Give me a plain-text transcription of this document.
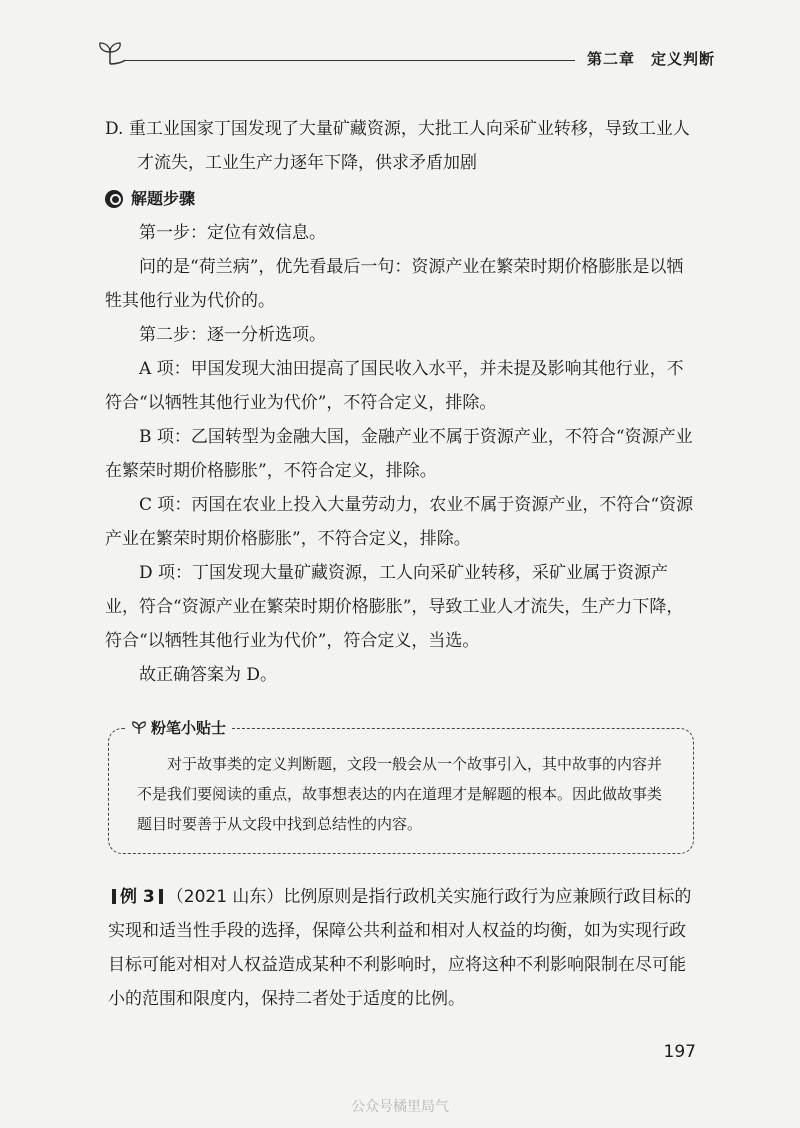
第二章　定义判断

D. 重工业国家丁国发现了大量矿藏资源，大批工人向采矿业转移，导致工业人才流失，工业生产力逐年下降，供求矛盾加剧

解题步骤

第一步：定位有效信息。

问的是“荷兰病”，优先看最后一句：资源产业在繁荣时期价格膨胀是以牺牲其他行业为代价的。

第二步：逐一分析选项。

A 项：甲国发现大油田提高了国民收入水平，并未提及影响其他行业，不符合“以牺牲其他行业为代价”，不符合定义，排除。

B 项：乙国转型为金融大国，金融产业不属于资源产业，不符合“资源产业在繁荣时期价格膨胀”，不符合定义，排除。

C 项：丙国在农业上投入大量劳动力，农业不属于资源产业，不符合“资源产业在繁荣时期价格膨胀”，不符合定义，排除。

D 项：丁国发现大量矿藏资源，工人向采矿业转移，采矿业属于资源产业，符合“资源产业在繁荣时期价格膨胀”，导致工业人才流失，生产力下降，符合“以牺牲其他行业为代价”，符合定义，当选。

故正确答案为 D。

粉笔小贴士
对于故事类的定义判断题，文段一般会从一个故事引入，其中故事的内容并不是我们要阅读的重点，故事想表达的内在道理才是解题的根本。因此做故事类题目时要善于从文段中找到总结性的内容。
例 3 （2021 山东）比例原则是指行政机关实施行政行为应兼顾行政目标的实现和适当性手段的选择，保障公共利益和相对人权益的均衡，如为实现行政目标可能对相对人权益造成某种不利影响时，应将这种不利影响限制在尽可能小的范围和限度内，保持二者处于适度的比例。
197
公众号橘里局气
